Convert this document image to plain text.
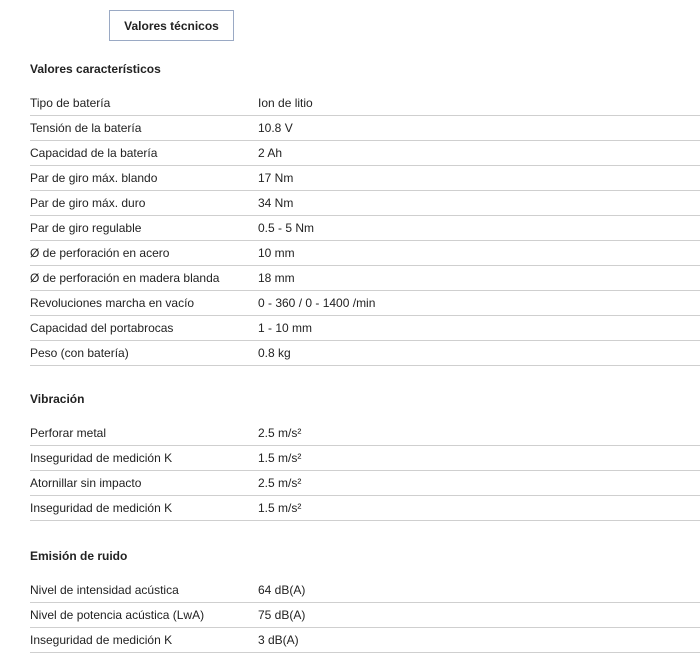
Valores técnicos
Valores característicos
Tipo de batería	Ion de litio
Tensión de la batería	10.8 V
Capacidad de la batería	2 Ah
Par de giro máx. blando	17 Nm
Par de giro máx. duro	34 Nm
Par de giro regulable	0.5 - 5 Nm
Ø de perforación en acero	10 mm
Ø de perforación en madera blanda	18 mm
Revoluciones marcha en vacío	0 - 360 / 0 - 1400 /min
Capacidad del portabrocas	1 - 10 mm
Peso (con batería)	0.8 kg
Vibración
Perforar metal	2.5 m/s²
Inseguridad de medición K	1.5 m/s²
Atornillar sin impacto	2.5 m/s²
Inseguridad de medición K	1.5 m/s²
Emisión de ruido
Nivel de intensidad acústica	64 dB(A)
Nivel de potencia acústica (LwA)	75 dB(A)
Inseguridad de medición K	3 dB(A)
